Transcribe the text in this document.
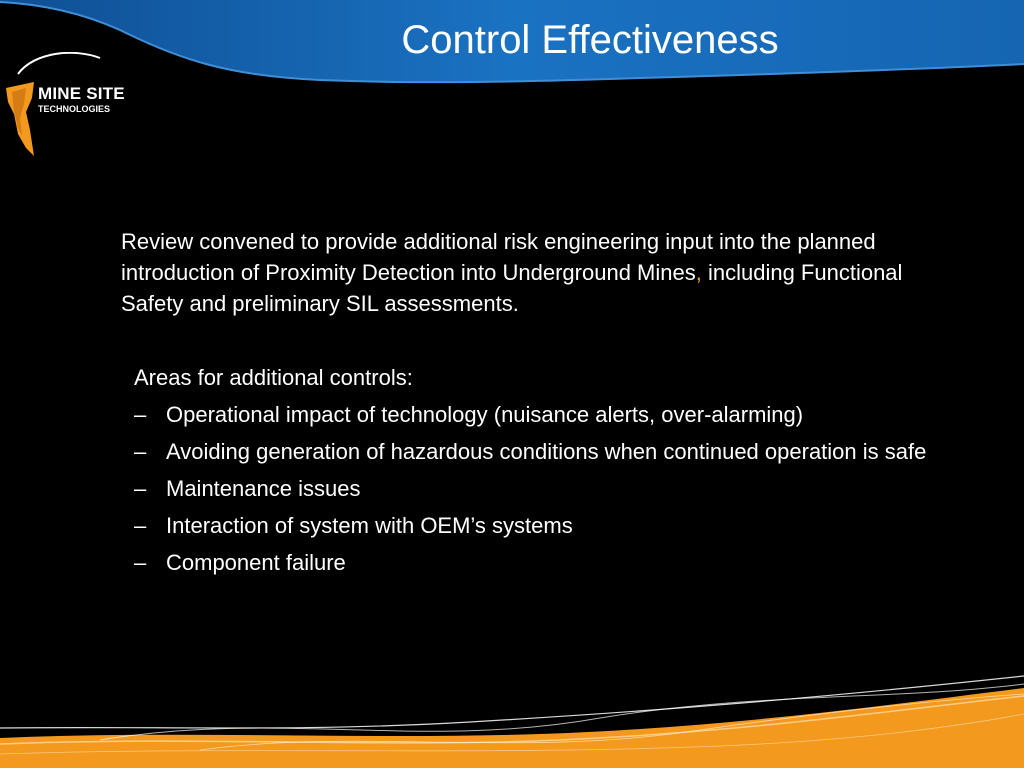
Control Effectiveness
MINE SITE
TECHNOLOGIES

Review convened to provide additional risk engineering input into the planned introduction of Proximity Detection into Underground Mines, including Functional Safety and preliminary SIL assessments.

Areas for additional controls:

– Operational impact of technology (nuisance alerts, over-alarming)
– Avoiding generation of hazardous conditions when continued operation is safe
– Maintenance issues
– Interaction of system with OEM’s systems
– Component failure
